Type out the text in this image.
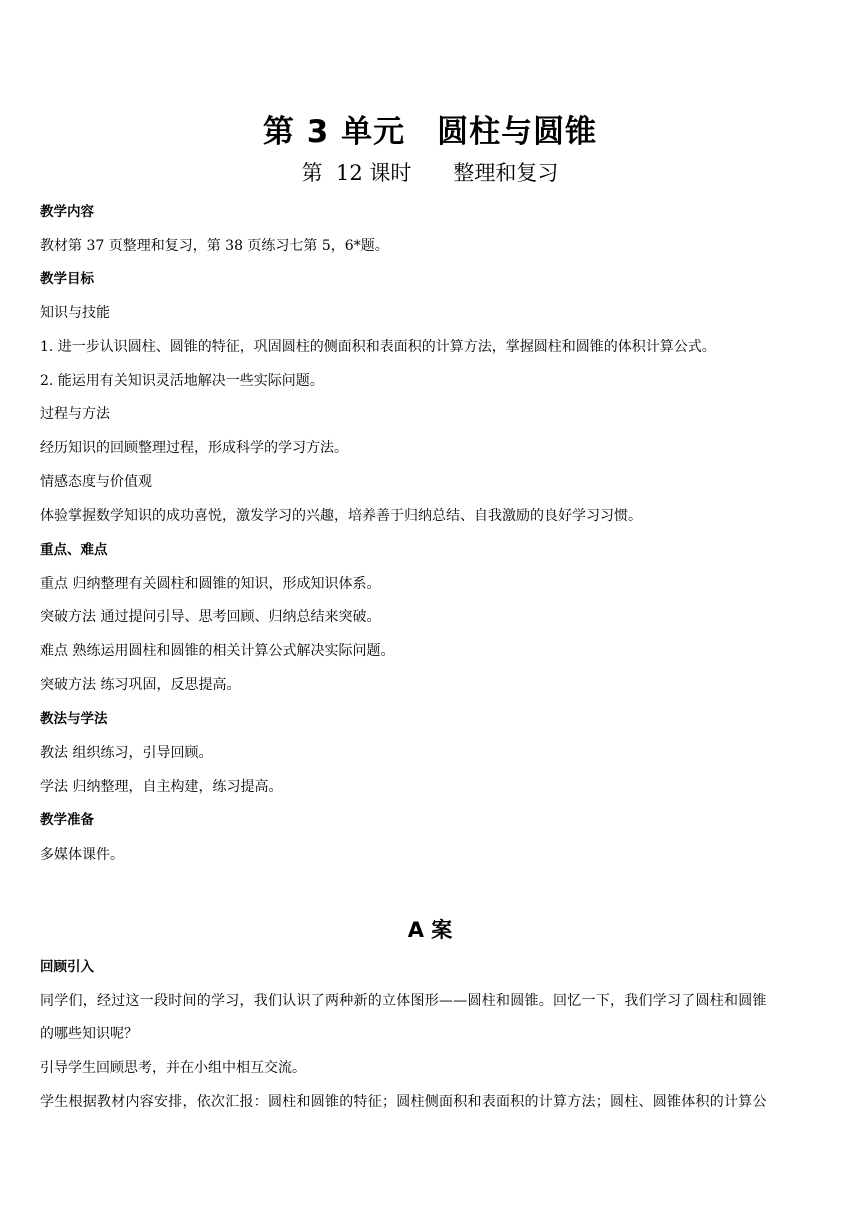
第 3 单元　圆柱与圆锥
第  12 课时　　整理和复习
教学内容
教材第 37 页整理和复习，第 38 页练习七第 5，6*题。
教学目标
知识与技能
1. 进一步认识圆柱、圆锥的特征，巩固圆柱的侧面积和表面积的计算方法，掌握圆柱和圆锥的体积计算公式。
2. 能运用有关知识灵活地解决一些实际问题。
过程与方法
经历知识的回顾整理过程，形成科学的学习方法。
情感态度与价值观
体验掌握数学知识的成功喜悦，激发学习的兴趣，培养善于归纳总结、自我激励的良好学习习惯。
重点、难点
重点 归纳整理有关圆柱和圆锥的知识，形成知识体系。
突破方法 通过提问引导、思考回顾、归纳总结来突破。
难点 熟练运用圆柱和圆锥的相关计算公式解决实际问题。
突破方法 练习巩固，反思提高。
教法与学法
教法 组织练习，引导回顾。
学法 归纳整理，自主构建，练习提高。
教学准备
多媒体课件。
A 案
回顾引入
同学们，经过这一段时间的学习，我们认识了两种新的立体图形——圆柱和圆锥。回忆一下，我们学习了圆柱和圆锥
的哪些知识呢？
引导学生回顾思考，并在小组中相互交流。
学生根据教材内容安排，依次汇报：圆柱和圆锥的特征；圆柱侧面积和表面积的计算方法；圆柱、圆锥体积的计算公
